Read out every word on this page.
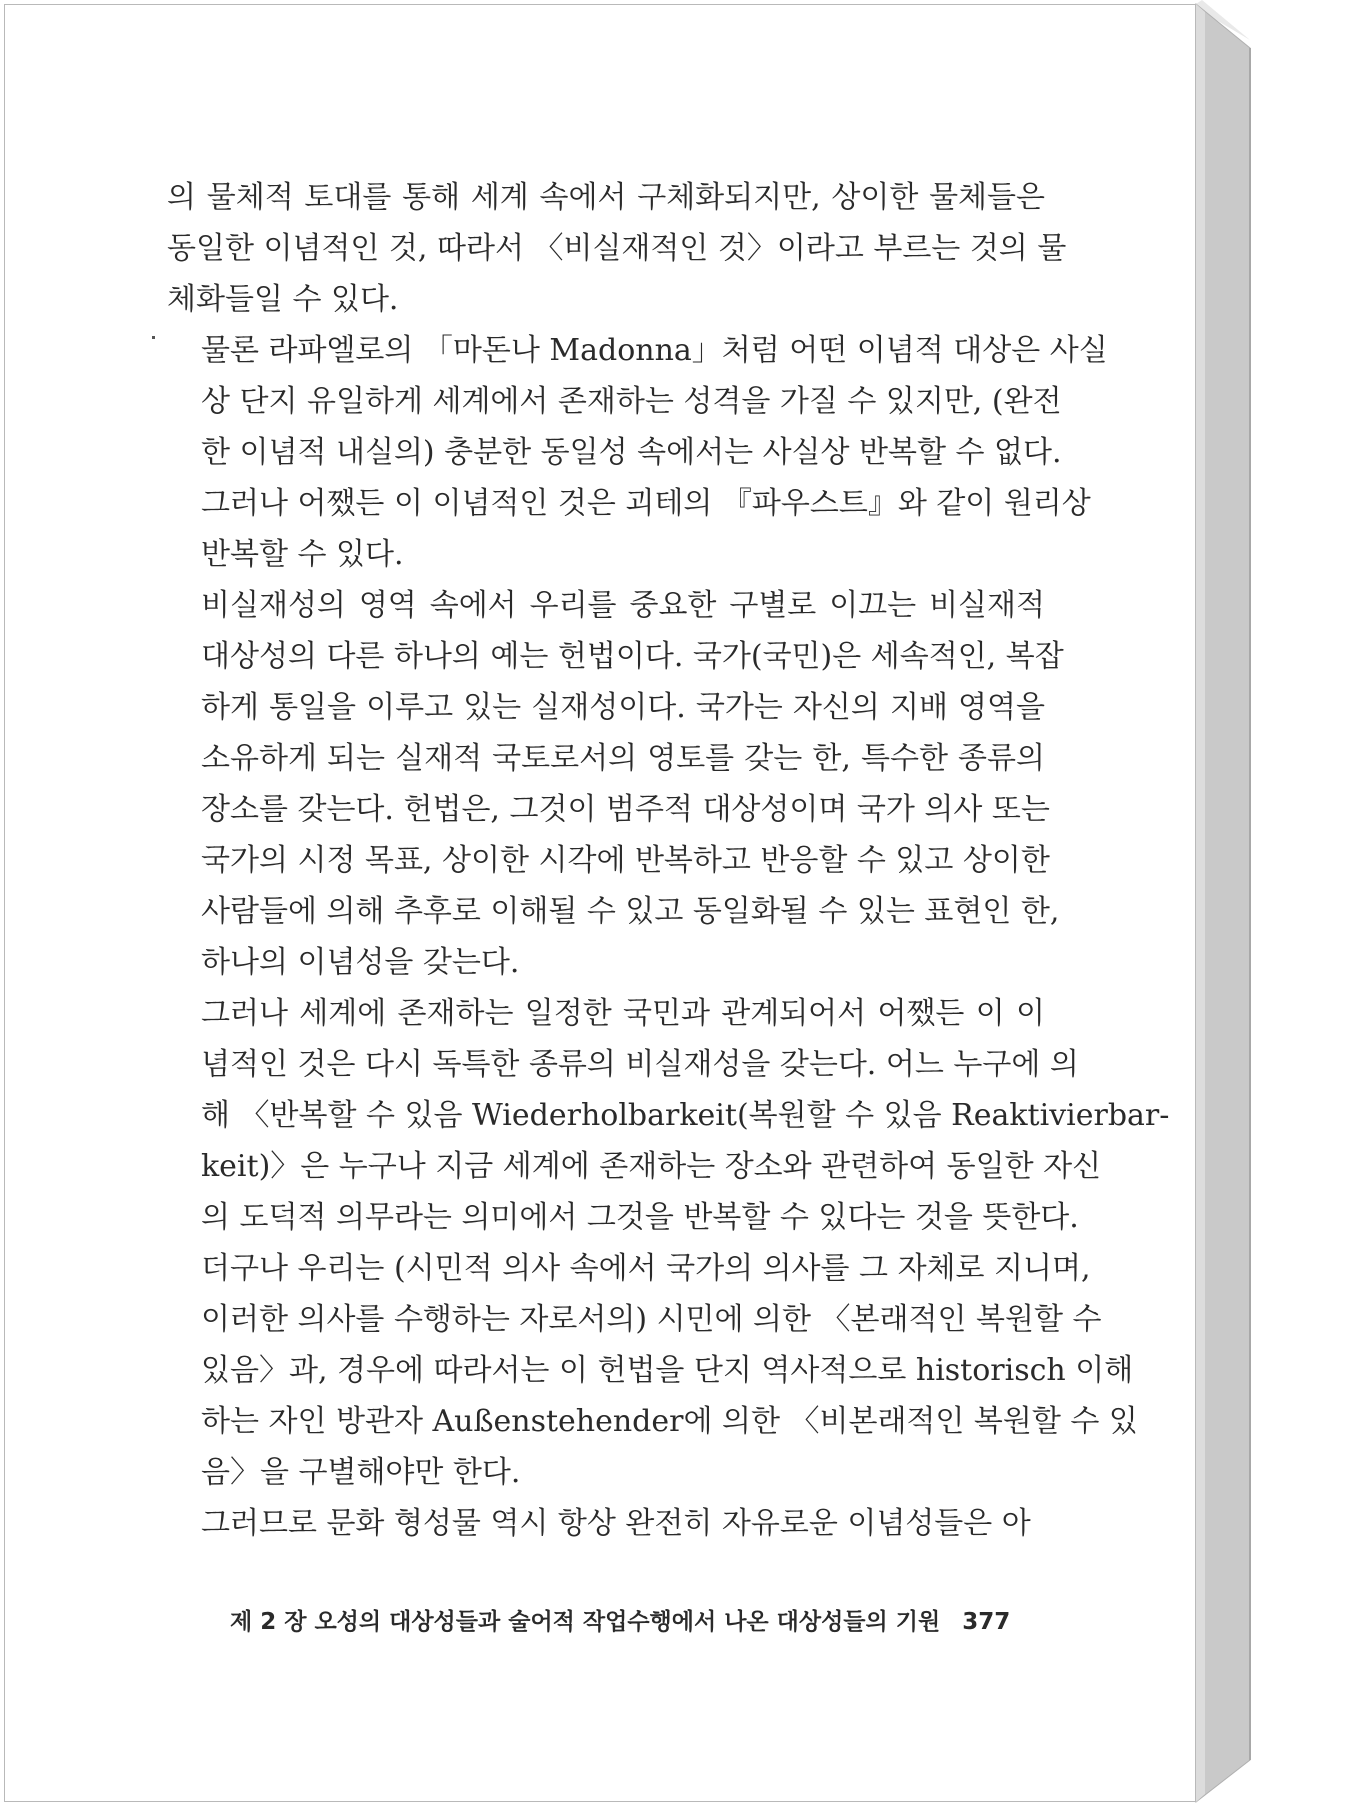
의 물체적 토대를 통해 세계 속에서 구체화되지만, 상이한 물체들은
동일한 이념적인 것, 따라서 〈비실재적인 것〉이라고 부르는 것의 물
체화들일 수 있다.
물론 라파엘로의 「마돈나 Madonna」처럼 어떤 이념적 대상은 사실
상 단지 유일하게 세계에서 존재하는 성격을 가질 수 있지만, (완전
한 이념적 내실의) 충분한 동일성 속에서는 사실상 반복할 수 없다.
그러나 어쨌든 이 이념적인 것은 괴테의 『파우스트』와 같이 원리상
반복할 수 있다.
비실재성의 영역 속에서 우리를 중요한 구별로 이끄는 비실재적
대상성의 다른 하나의 예는 헌법이다. 국가(국민)은 세속적인, 복잡
하게 통일을 이루고 있는 실재성이다. 국가는 자신의 지배 영역을
소유하게 되는 실재적 국토로서의 영토를 갖는 한, 특수한 종류의
장소를 갖는다. 헌법은, 그것이 범주적 대상성이며 국가 의사 또는
국가의 시정 목표, 상이한 시각에 반복하고 반응할 수 있고 상이한
사람들에 의해 추후로 이해될 수 있고 동일화될 수 있는 표현인 한,
하나의 이념성을 갖는다.
그러나 세계에 존재하는 일정한 국민과 관계되어서 어쨌든 이 이
념적인 것은 다시 독특한 종류의 비실재성을 갖는다. 어느 누구에 의
해 〈반복할 수 있음 Wiederholbarkeit(복원할 수 있음 Reaktivierbar-
keit)〉은 누구나 지금 세계에 존재하는 장소와 관련하여 동일한 자신
의 도덕적 의무라는 의미에서 그것을 반복할 수 있다는 것을 뜻한다.
더구나 우리는 (시민적 의사 속에서 국가의 의사를 그 자체로 지니며,
이러한 의사를 수행하는 자로서의) 시민에 의한 〈본래적인 복원할 수
있음〉과, 경우에 따라서는 이 헌법을 단지 역사적으로 historisch 이해
하는 자인 방관자 Außenstehender에 의한 〈비본래적인 복원할 수 있
음〉을 구별해야만 한다.
그러므로 문화 형성물 역시 항상 완전히 자유로운 이념성들은 아
제 2 장 오성의 대상성들과 술어적 작업수행에서 나온 대상성들의 기원 377
